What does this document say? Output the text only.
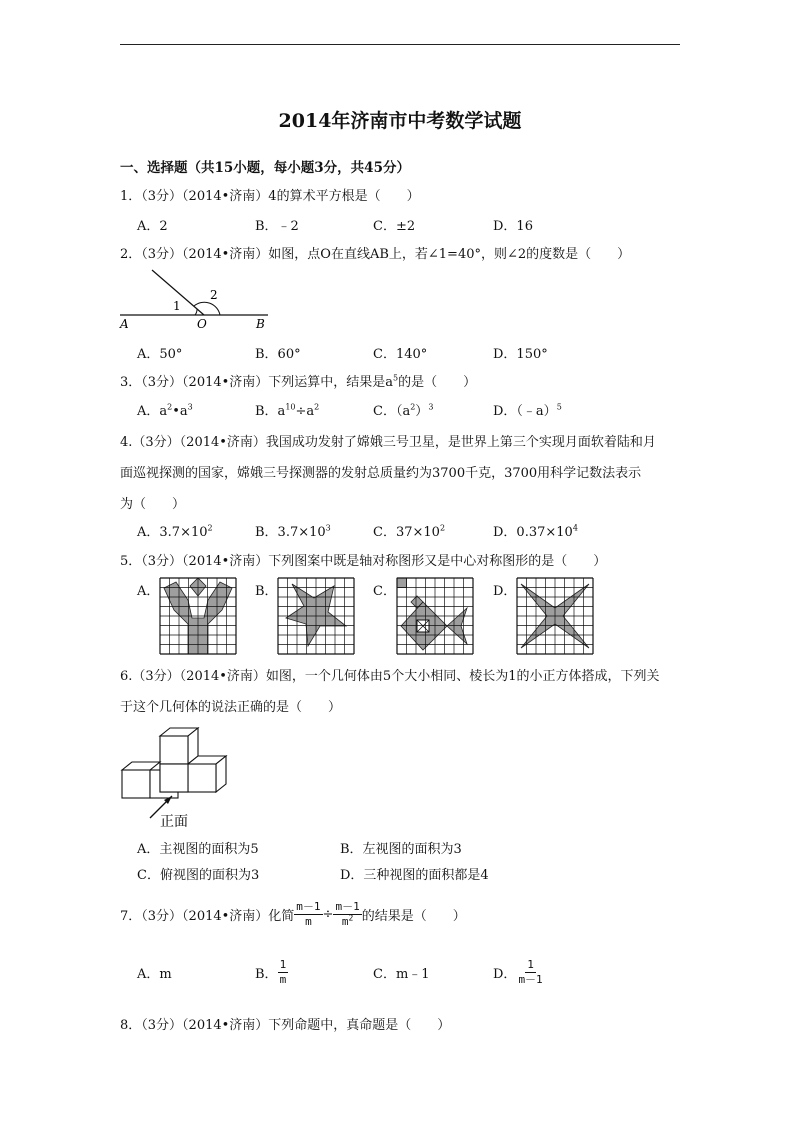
2014年济南市中考数学试题
一、选择题（共15小题，每小题3分，共45分）
1．（3分）（2014•济南）4的算术平方根是（　　）
A．2	B．﹣2	C．±2	D．16
2．（3分）（2014•济南）如图，点O在直线AB上，若∠1=40°，则∠2的度数是（　　）
A	O	B
1
2
A．50°	B．60°	C．140°	D．150°
3．（3分）（2014•济南）下列运算中，结果是$a^5$的是（　　）
A．$a^2•a^3$	B．$a^{10}\div a^2$	C．$(a^2)^3$	D．（﹣a）$^5$
4.（3分）（2014•济南）我国成功发射了嫦娥三号卫星，是世界上第三个实现月面软着陆和月
面巡视探测的国家，嫦娥三号探测器的发射总质量约为3700千克，3700用科学记数法表示
为（　　）
A．$3.7\times 10^2$	B．$3.7\times 10^3$	C．$37\times 10^2$	D．$0.37\times 10^4$
5．（3分）（2014•济南）下列图案中既是轴对称图形又是中心对称图形的是（　　）
A．	B．	C．	D．
6.（3分）（2014•济南）如图，一个几何体由5个大小相同、棱长为1的小正方体搭成，下列关
于这个几何体的说法正确的是（　　）
正面
A．主视图的面积为5	B．左视图的面积为3
C．俯视图的面积为3	D．三种视图的面积都是4
7．（3分）（2014•济南）化简 $\frac{m-1}{m} \div \frac{m-1}{m^2}$ 的结果是（　　）
A．m	B． $\frac{1}{m}$	C．m﹣1	D． $\frac{1}{m-1}$
8．（3分）（2014•济南）下列命题中，真命题是（　　）
